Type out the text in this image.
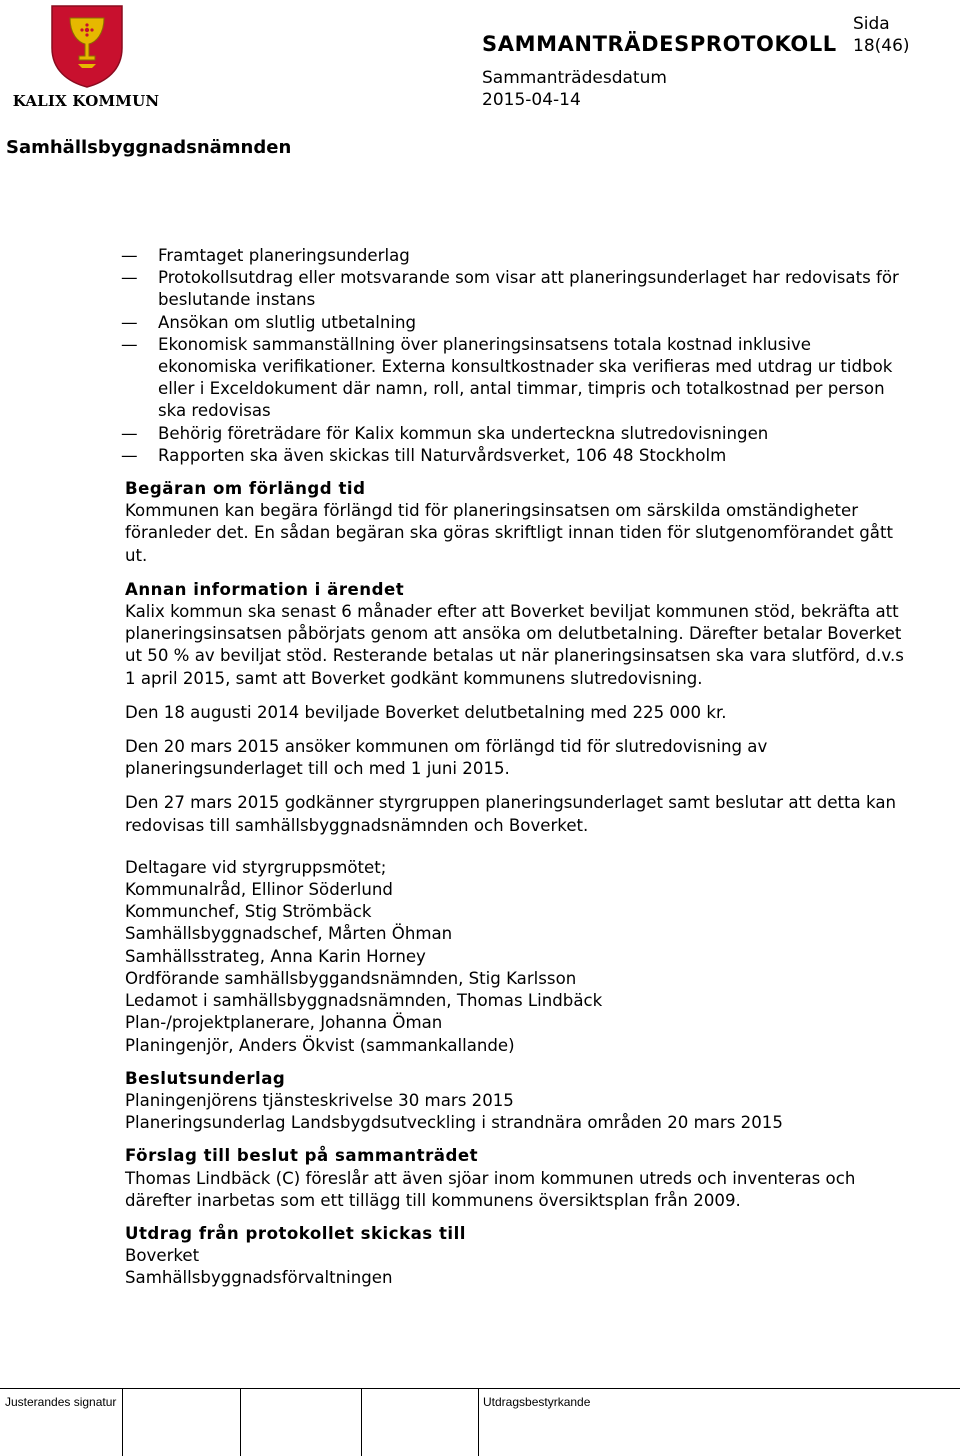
KALIX KOMMUN
SAMMANTRÄDESPROTOKOLL
Sida
18(46)
Sammanträdesdatum
2015-04-14
Samhällsbyggnadsnämnden
— Framtaget planeringsunderlag
— Protokollsutdrag eller motsvarande som visar att planeringsunderlaget har redovisats för beslutande instans
— Ansökan om slutlig utbetalning
— Ekonomisk sammanställning över planeringsinsatsens totala kostnad inklusive ekonomiska verifikationer. Externa konsultkostnader ska verifieras med utdrag ur tidbok eller i Exceldokument där namn, roll, antal timmar, timpris och totalkostnad per person ska redovisas
— Behörig företrädare för Kalix kommun ska underteckna slutredovisningen
— Rapporten ska även skickas till Naturvårdsverket, 106 48 Stockholm
Begäran om förlängd tid

Kommunen kan begära förlängd tid för planeringsinsatsen om särskilda omständigheter föranleder det. En sådan begäran ska göras skriftligt innan tiden för slutgenomförandet gått ut.

Annan information i ärendet

Kalix kommun ska senast 6 månader efter att Boverket beviljat kommunen stöd, bekräfta att planeringsinsatsen påbörjats genom att ansöka om delutbetalning. Därefter betalar Boverket ut 50 % av beviljat stöd. Resterande betalas ut när planeringsinsatsen ska vara slutförd, d.v.s 1 april 2015, samt att Boverket godkänt kommunens slutredovisning.

Den 18 augusti 2014 beviljade Boverket delutbetalning med 225 000 kr.

Den 20 mars 2015 ansöker kommunen om förlängd tid för slutredovisning av planeringsunderlaget till och med 1 juni 2015.

Den 27 mars 2015 godkänner styrgruppen planeringsunderlaget samt beslutar att detta kan redovisas till samhällsbyggnadsnämnden och Boverket.

Deltagare vid styrgruppsmötet;

Kommunalråd, Ellinor Söderlund
Kommunchef, Stig Strömbäck
Samhällsbyggnadschef, Mårten Öhman
Samhällsstrateg, Anna Karin Horney
Ordförande samhällsbyggandsnämnden, Stig Karlsson
Ledamot i samhällsbyggnadsnämnden, Thomas Lindbäck
Plan-/projektplanerare, Johanna Öman
Planingenjör, Anders Ökvist (sammankallande)
Beslutsunderlag
Planingenjörens tjänsteskrivelse 30 mars 2015
Planeringsunderlag Landsbygdsutveckling i strandnära områden 20 mars 2015
Förslag till beslut på sammanträdet

Thomas Lindbäck (C) föreslår att även sjöar inom kommunen utreds och inventeras och därefter inarbetas som ett tillägg till kommunens översiktsplan från 2009.

Utdrag från protokollet skickas till
Boverket
Samhällsbyggnadsförvaltningen
Justerandes signatur	Utdragsbestyrkande
